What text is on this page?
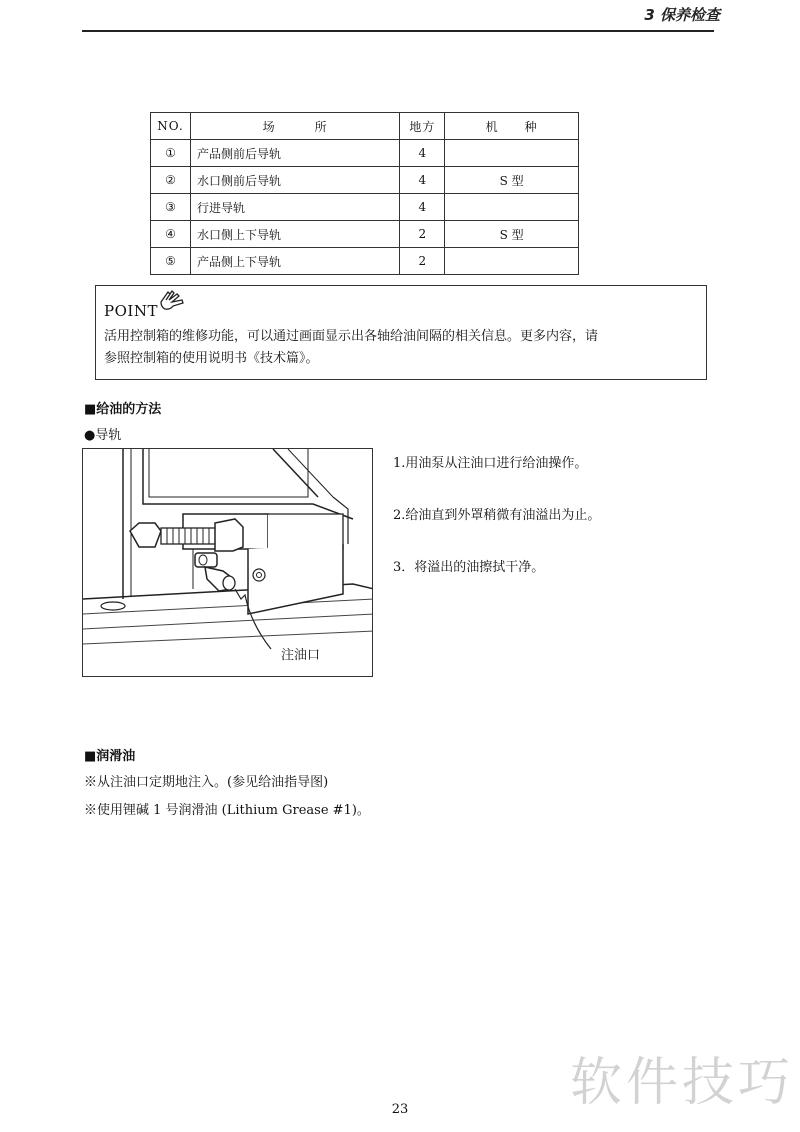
3 保养检查
NO.	场　　　所	地方	机　　种
①	产品侧前后导轨	4	
②	水口侧前后导轨	4	S 型
③	行进导轨	4	
④	水口侧上下导轨	2	S 型
⑤	产品侧上下导轨	2	
POINT
活用控制箱的维修功能，可以通过画面显示出各轴给油间隔的相关信息。更多内容，请
参照控制箱的使用说明书《技术篇》。
■给油的方法
●导轨
注油口
1.用油泵从注油口进行给油操作。
2.给油直到外罩稍微有油溢出为止。
3．将溢出的油擦拭干净。
■润滑油
※从注油口定期地注入。(参见给油指导图)
※使用锂碱 1 号润滑油 (Lithium Grease #1)。
软件技巧
23
